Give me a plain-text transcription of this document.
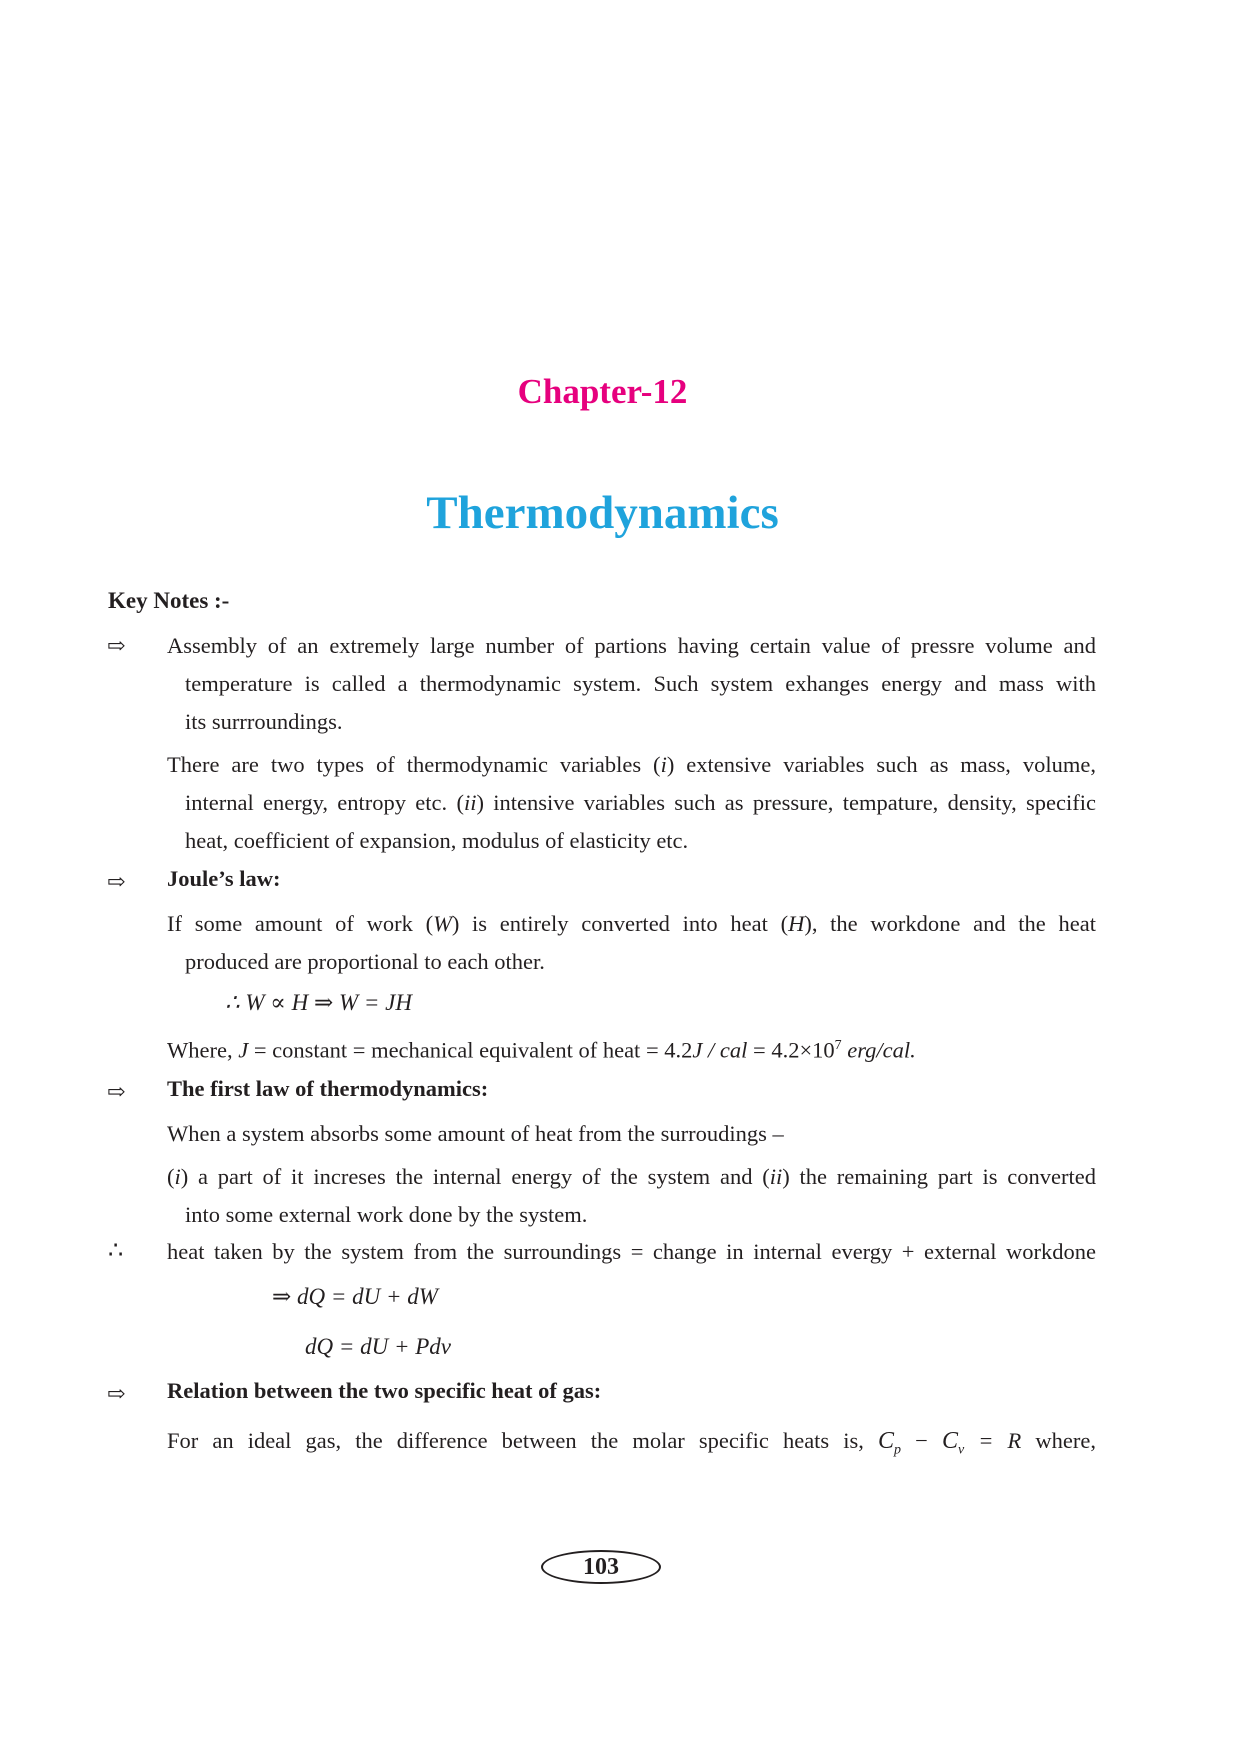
Chapter-12
Thermodynamics
Key Notes :-
⇨ Assembly of an extremely large number of partions having certain value of pressre volume and
temperature is called a thermodynamic system. Such system exhanges energy and mass with
its surrroundings.
There are two types of thermodynamic variables (i) extensive variables such as mass, volume,
internal energy, entropy etc. (ii) intensive variables such as pressure, tempature, density, specific
heat, coefficient of expansion, modulus of elasticity etc.
⇨ Joule’s law:
If some amount of work (W) is entirely converted into heat (H), the workdone and the heat
produced are proportional to each other.
∴ W ∝ H ⇒ W = JH
Where, J = constant = mechanical equivalent of heat = 4.2J / cal = $4.2\times 10^7$ erg/cal.
⇨ The first law of thermodynamics:
When a system absorbs some amount of heat from the surroudings –
(i) a part of it increses the internal energy of the system and (ii) the remaining part is converted
into some external work done by the system.
∴ heat taken by the system from the surroundings = change in internal evergy + external workdone
⇒ dQ = dU + dW
dQ = dU + Pdv
⇨ Relation between the two specific heat of gas:
For an ideal gas, the difference between the molar specific heats is, $C_p - C_v = R$ where,
103
